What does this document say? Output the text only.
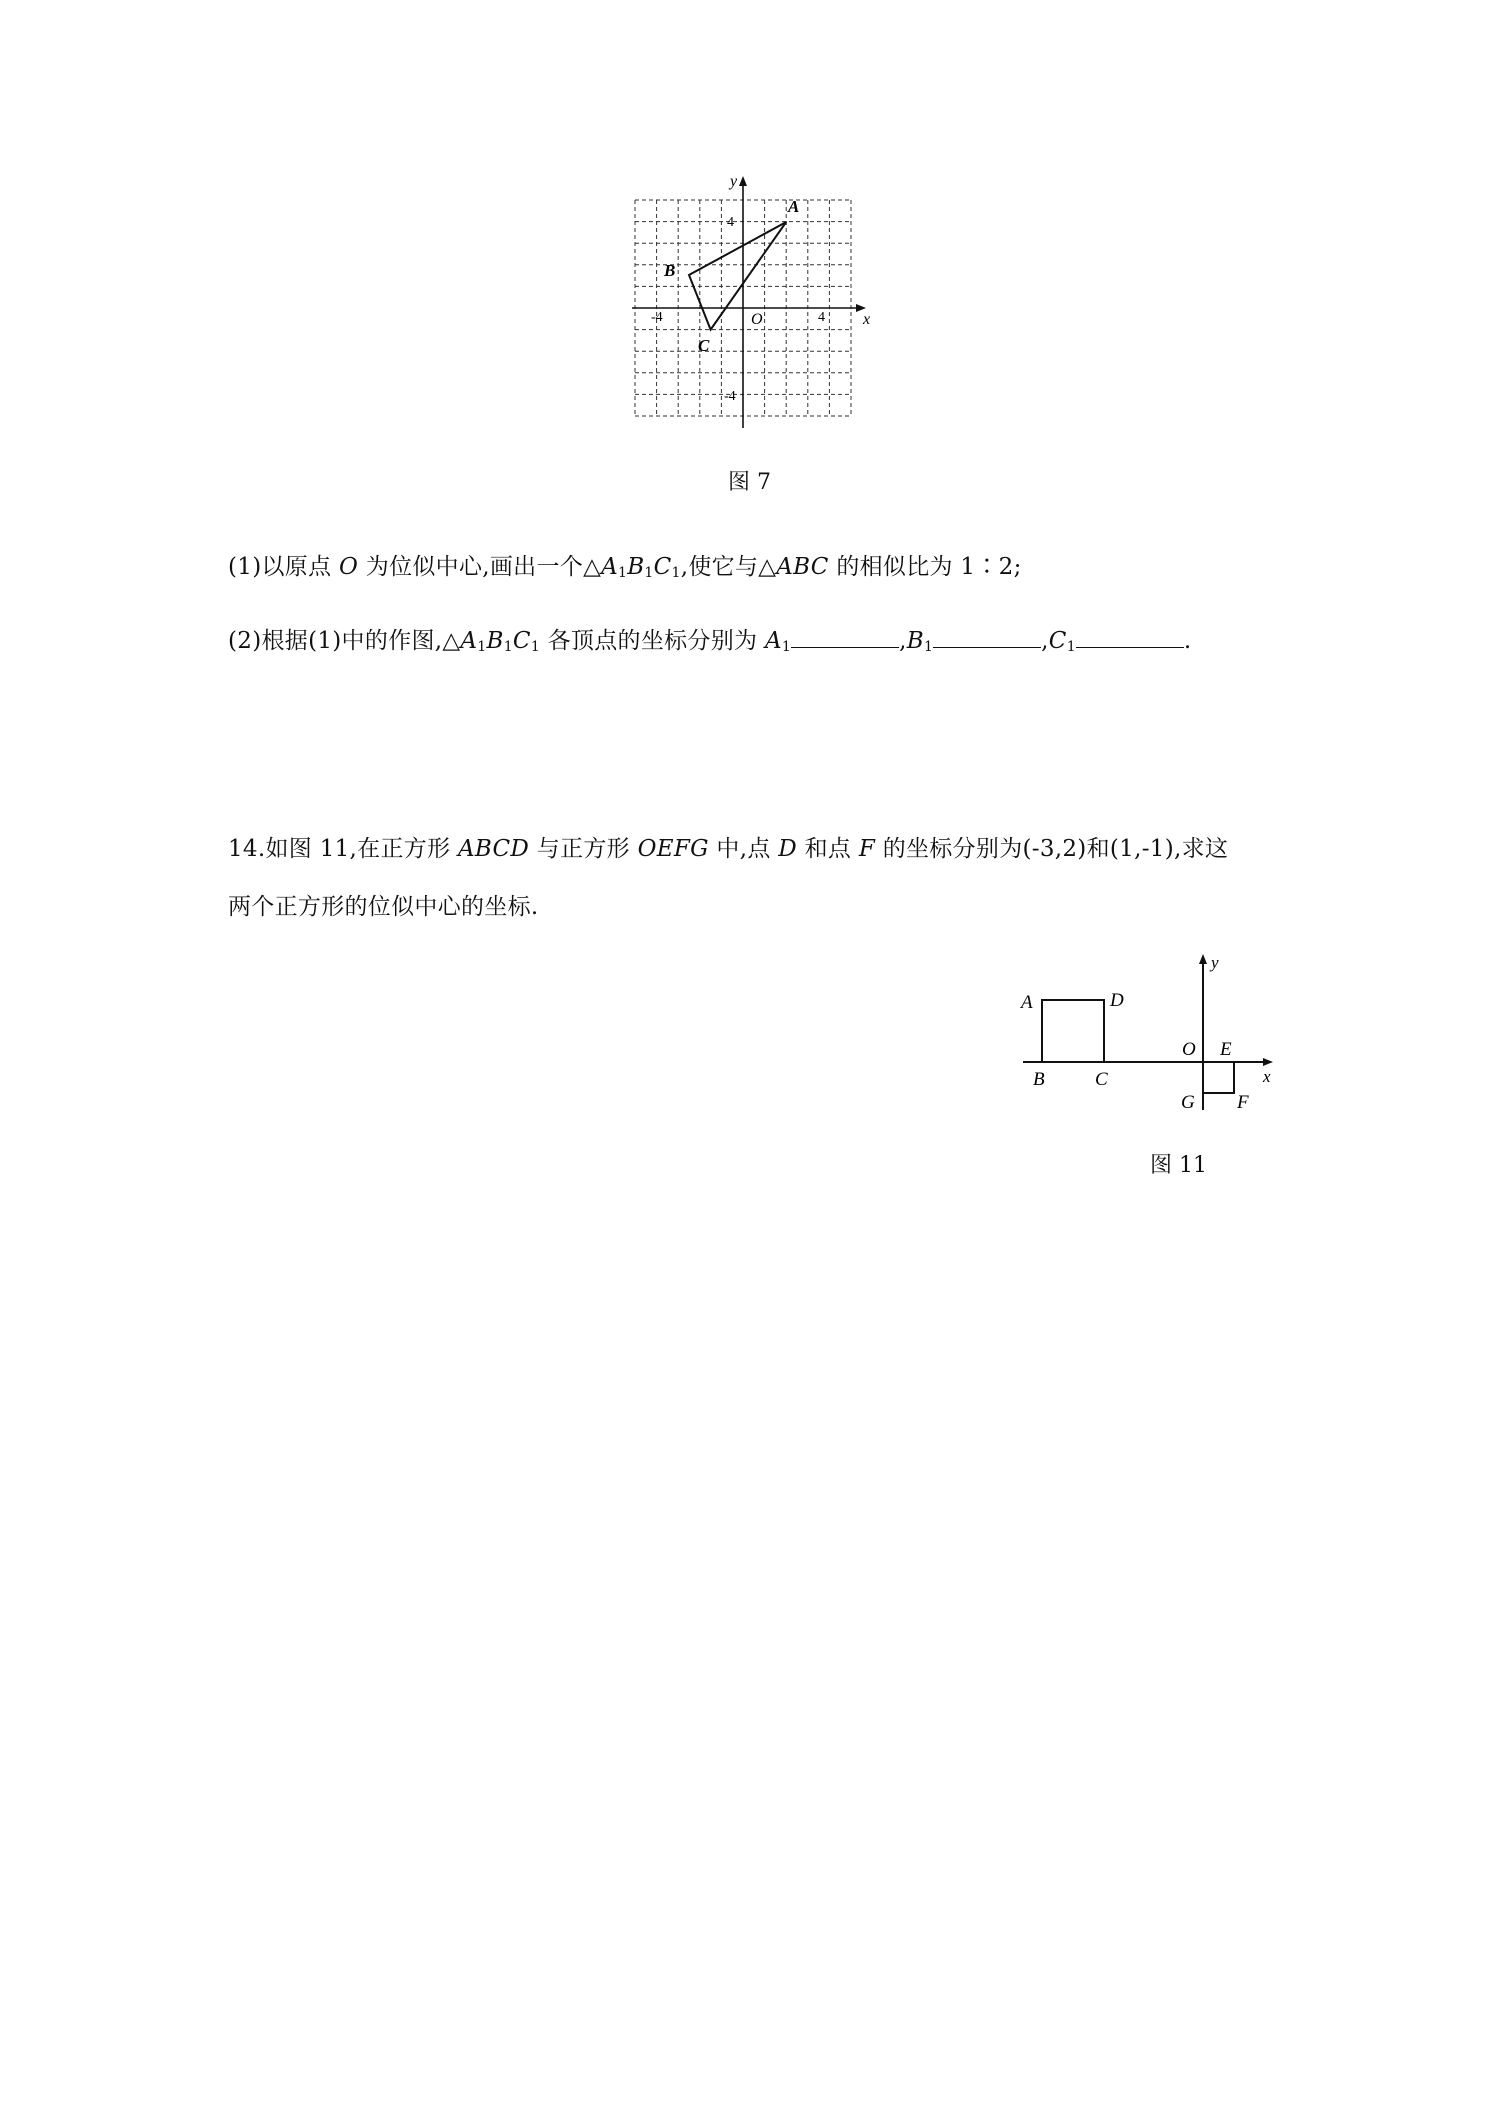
x
y
O
-4	4
4
-4
A
B
C
图 7
(1)以原点 O 为位似中心,画出一个$\triangle A_1B_1C_1$,使它与△ABC 的相似比为 1∶2;
(2)根据(1)中的作图$,\triangle A_1B_1C_1$ 各顶点的坐标分别为 $A_1$	$,B_1$	$,C_1$	.
14.如图 11,在正方形 ABCD 与正方形 OEFG 中,点 D 和点 F 的坐标分别为(-3,2)和(1,-1),求这
两个正方形的位似中心的坐标.
A	D
B	C
O E
G F
x
y
图 11
